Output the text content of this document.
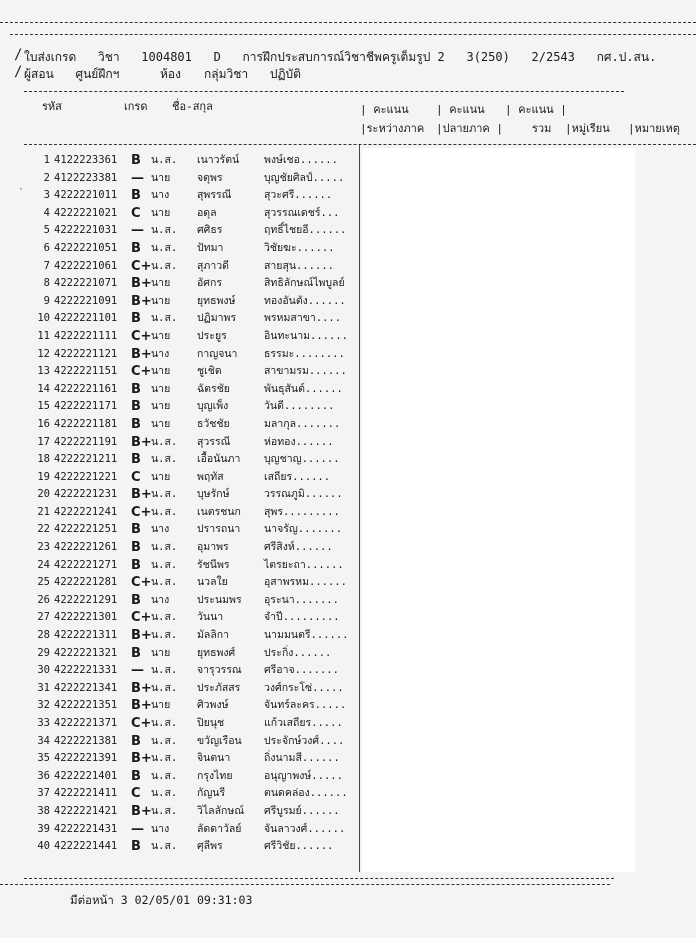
/
/
ใบส่งเกรด วิชา 1004801 D การฝึกประสบการณ์วิชาชีพครูเต็มรูป 2 3(250) 2/2543 กศ.ป.สน.
ผู้สอน ศูนย์ฝึกฯ	ห้อง กลุ่มวิชา ปฏิบัติ
รหัส	เกรด ชื่อ-สกุล	| คะแนน | คะแนน | คะแนน |
|ระหว่างภาค |ปลายภาค |	รวม |หมู่เรียน |หมายเหตุ
·
1 4122223361 B น.ส. เนาวรัตน์ พงษ์เชอ......
2 4122223381 — นาย	จตุพร	บุญชัยศิลป์.....
3 4222221011 B นาง	สุพรรณี	สุวะศรี......
4 4222221021 C นาย	อดุล	สุวรรณเดชร์...
5 4222221031 — น.ส. ศศิธร	ฤทธิ์ไชยอี......
6 4222221051 B น.ส. ปัทมา	วิชัยฆะ......
7 4222221061 C+ น.ส. สุภาวดี	สายสุน......
8 4222221071 B+ นาย	อัศกร	สิทธิลักษณ์ไพบูลย์
9 4222221091 B+ นาย	ยุทธพงษ์	ทองอันตัง......
10 4222221101 B น.ส. ปฏิมาพร	พรหมสาขา....
11 4222221111 C+ นาย	ประยูร	อินทะนาม......
12 4222221121 B+ นาง	กาญจนา	ธรรมะ........
13 4222221151 C+ นาย	ชูเชิด	สาขามรม......
14 4222221161 B นาย	ฉัตรชัย	พันธุสันต์......
15 4222221171 B นาย	บุญเพ็ง	วันดี........
16 4222221181 B นาย	ธวัชชัย	มลากุล.......
17 4222221191 B+ น.ส. สุวรรณี	ห่อทอง......
18 4222221211 B น.ส. เอื้อนันภา บุญชาญ......
19 4222221221 C นาย	พฤทัส	เสถียร......
20 4222221231 B+ น.ส. บุษรักษ์	วรรณภูมิ......
21 4222221241 C+ น.ส. เนตรชนก สุพร.........
22 4222221251 B นาง	ปรารถนา นาจรัญ.......
23 4222221261 B น.ส. อุมาพร	ศรีสิงห์......
24 4222221271 B น.ส. รัชนีพร	ไตรยะถา......
25 4222221281 C+ น.ส. นวลใย	อุสาพรหม......
26 4222221291 B นาง	ประนมพร อุระนา.......
27 4222221301 C+ น.ส. วันนา	จำปี.........
28 4222221311 B+ น.ส. มัลลิกา	นามมนตรี......
29 4222221321 B นาย	ยุทธพงศ์	ประกิ่ง......
30 4222221331 — น.ส. จารุวรรณ ศรีอาจ.......
31 4222221341 B+ น.ส. ประภัสสร วงศ์กระโซ่.....
32 4222221351 B+ นาย	ศิวพงษ์	จันทร์ละคร.....
33 4222221371 C+ น.ส. ปิยนุช	แก้วเสถียร.....
34 4222221381 B น.ส. ขวัญเรือน ประจักษ์วงศ์....
35 4222221391 B+ น.ส. จินตนา	ถิ่งนามสี......
36 4222221401 B น.ส. กรุงไทย	อนุญาพงษ์.....
37 4222221411 C น.ส. กัญนรี	ตนดคล่อง......
38 4222221421 B+ น.ส. วิไลลักษณ์ ศรีบูรมย์......
39 4222221431 — นาง	ลัดดาวัลย์ จันลาวงศ์......
40 4222221441 B น.ส. ศุลีพร	ศรีวิชัย......
มีต่อหน้า 3 02/05/01 09:31:03
